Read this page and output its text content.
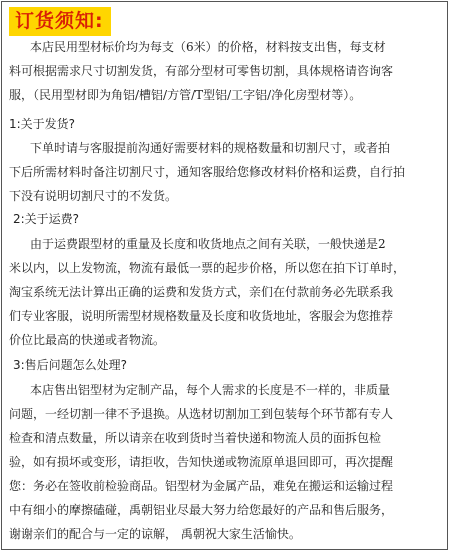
订货须知:
本店民用型材标价均为每支（6米）的价格，材料按支出售，每支材
料可根据需求尺寸切割发货，有部分型材可零售切割，具体规格请咨询客
服，（民用型材即为角铝/槽铝/方管/T型铝/工字铝/净化房型材等）。
1:关于发货?
下单时请与客服提前沟通好需要材料的规格数量和切割尺寸，或者拍
下后所需材料时备注切割尺寸，通知客服给您修改材料价格和运费，自行拍
下没有说明切割尺寸的不发货。
2:关于运费?
由于运费跟型材的重量及长度和收货地点之间有关联，一般快递是2
米以内，以上发物流，物流有最低一票的起步价格，所以您在拍下订单时，
淘宝系统无法计算出正确的运费和发货方式，亲们在付款前务必先联系我
们专业客服，说明所需型材规格数量及长度和收货地址，客服会为您推荐
价位比最高的快递或者物流。
3:售后问题怎么处理?
本店售出铝型材为定制产品，每个人需求的长度是不一样的，非质量
问题，一经切割一律不予退换。从选材切割加工到包装每个环节都有专人
检查和清点数量，所以请亲在收到货时当着快递和物流人员的面拆包检
验，如有损坏或变形，请拒收，告知快递或物流原单退回即可，再次提醒
您：务必在签收前检验商品。铝型材为金属产品，难免在搬运和运输过程
中有细小的摩擦磕碰，禹朝铝业尽最大努力给您最好的产品和售后服务，
谢谢亲们的配合与一定的谅解， 禹朝祝大家生活愉快。
